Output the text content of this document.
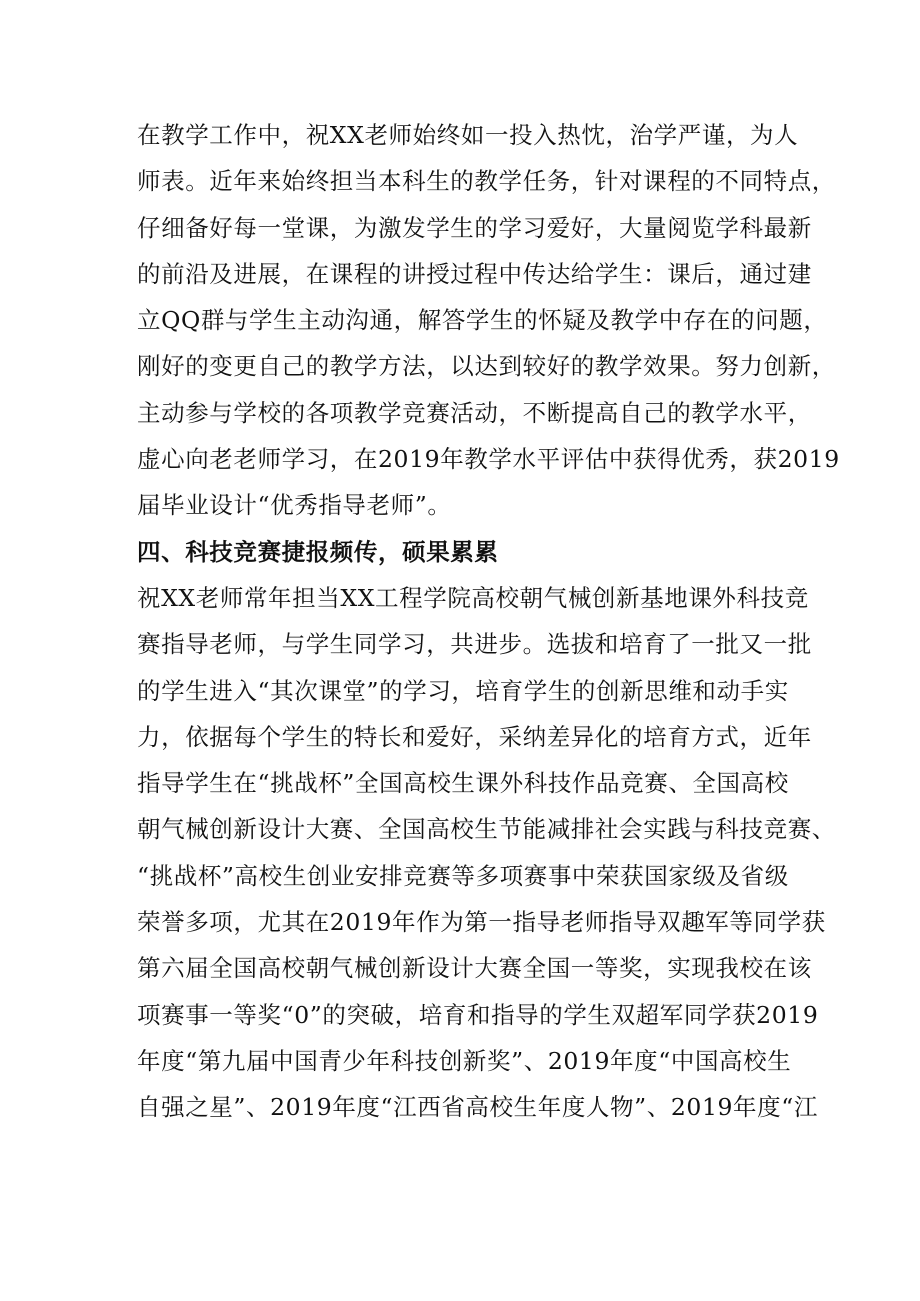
在教学工作中，祝XX老师始终如一投入热忱，治学严谨，为人
师表。近年来始终担当本科生的教学任务，针对课程的不同特点，
仔细备好每一堂课，为激发学生的学习爱好，大量阅览学科最新
的前沿及进展，在课程的讲授过程中传达给学生：课后，通过建
立QQ群与学生主动沟通，解答学生的怀疑及教学中存在的问题，
刚好的变更自己的教学方法，以达到较好的教学效果。努力创新，
主动参与学校的各项教学竞赛活动，不断提高自己的教学水平，
虚心向老老师学习，在2019年教学水平评估中获得优秀，获2019
届毕业设计“优秀指导老师”。
四、科技竞赛捷报频传，硕果累累
祝XX老师常年担当XX工程学院高校朝气械创新基地课外科技竞
赛指导老师，与学生同学习，共进步。选拔和培育了一批又一批
的学生进入“其次课堂”的学习，培育学生的创新思维和动手实
力，依据每个学生的特长和爱好，采纳差异化的培育方式，近年
指导学生在“挑战杯”全国高校生课外科技作品竞赛、全国高校
朝气械创新设计大赛、全国高校生节能减排社会实践与科技竞赛、
“挑战杯”高校生创业安排竞赛等多项赛事中荣获国家级及省级
荣誉多项，尤其在2019年作为第一指导老师指导双趣军等同学获
第六届全国高校朝气械创新设计大赛全国一等奖，实现我校在该
项赛事一等奖“0”的突破，培育和指导的学生双超军同学获2019
年度“第九届中国青少年科技创新奖”、2019年度“中国高校生
自强之星”、2019年度“江西省高校生年度人物”、2019年度“江
